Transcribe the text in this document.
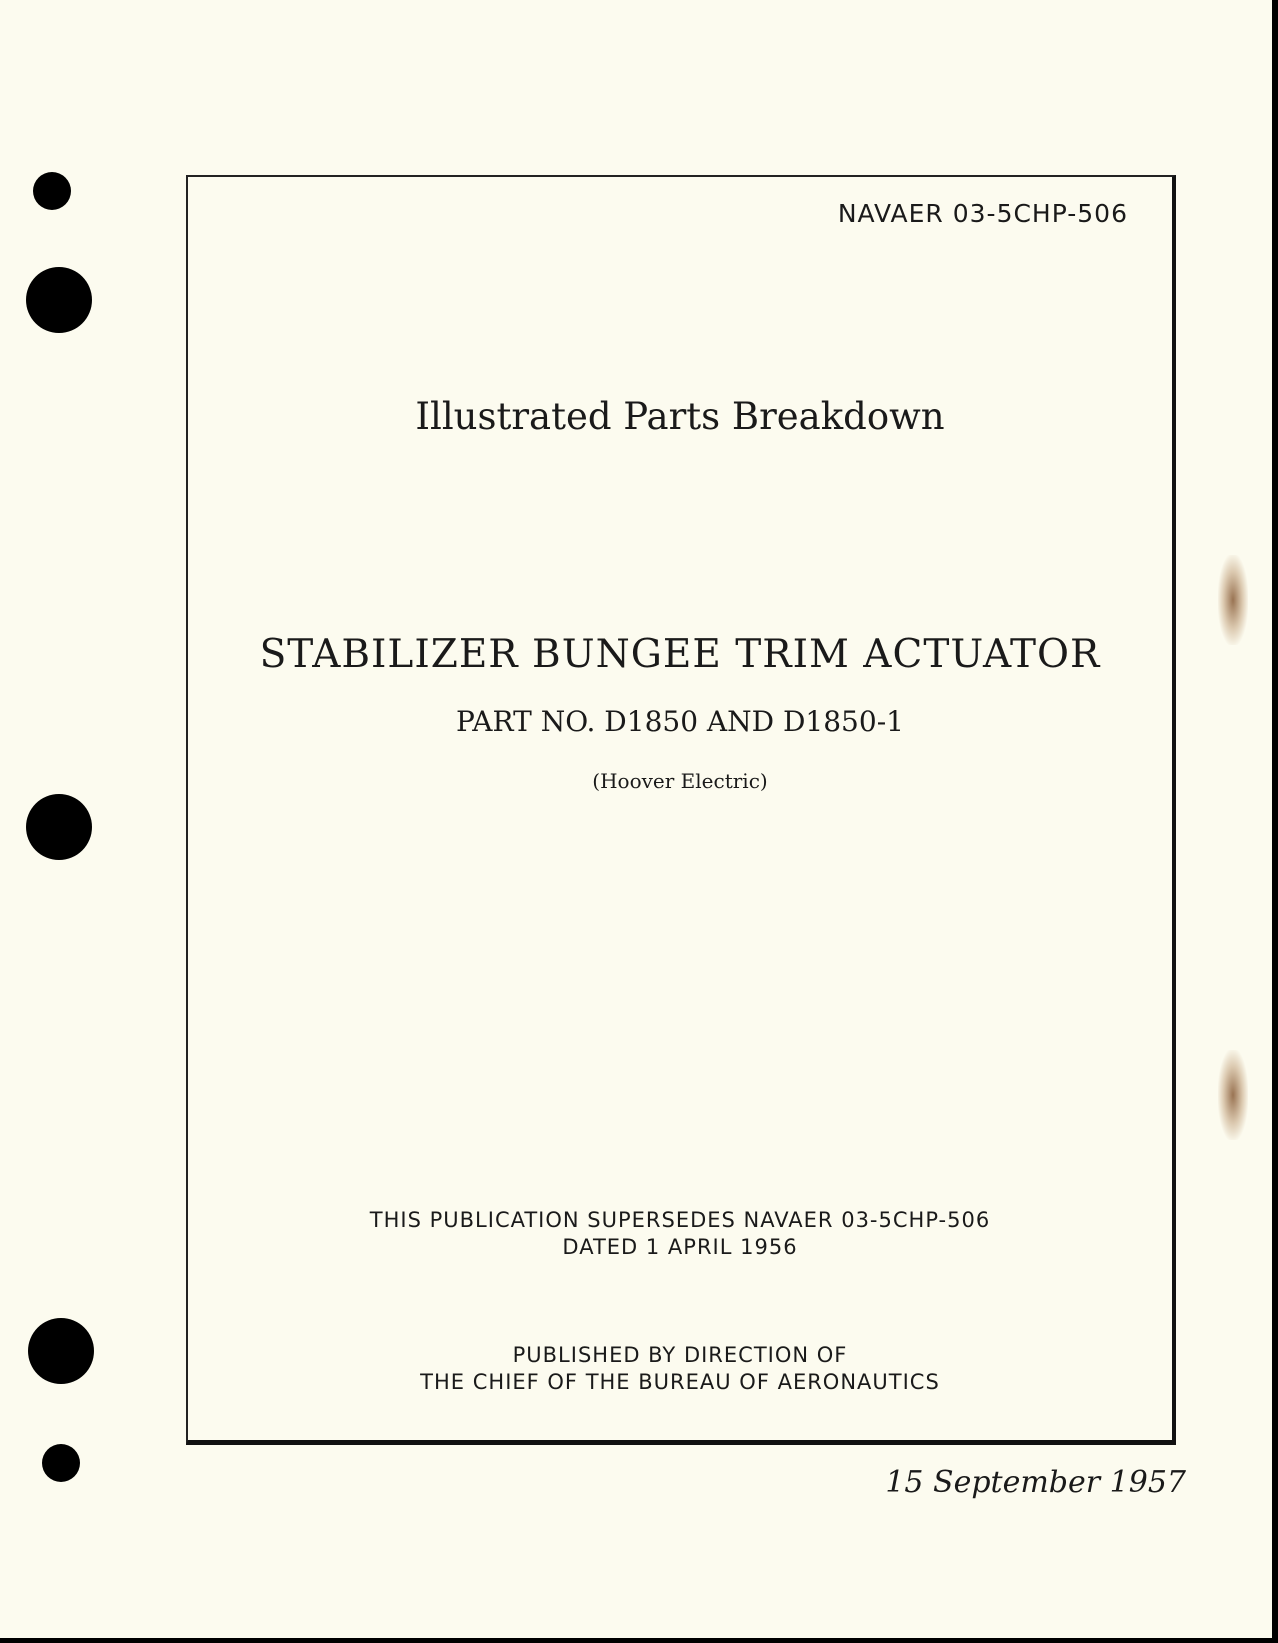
NAVAER 03-5CHP-506
Illustrated Parts Breakdown
STABILIZER BUNGEE TRIM ACTUATOR
PART NO. D1850 AND D1850-1
(Hoover Electric)
THIS PUBLICATION SUPERSEDES NAVAER 03-5CHP-506
DATED 1 APRIL 1956
PUBLISHED BY DIRECTION OF
THE CHIEF OF THE BUREAU OF AERONAUTICS
15 September 1957
